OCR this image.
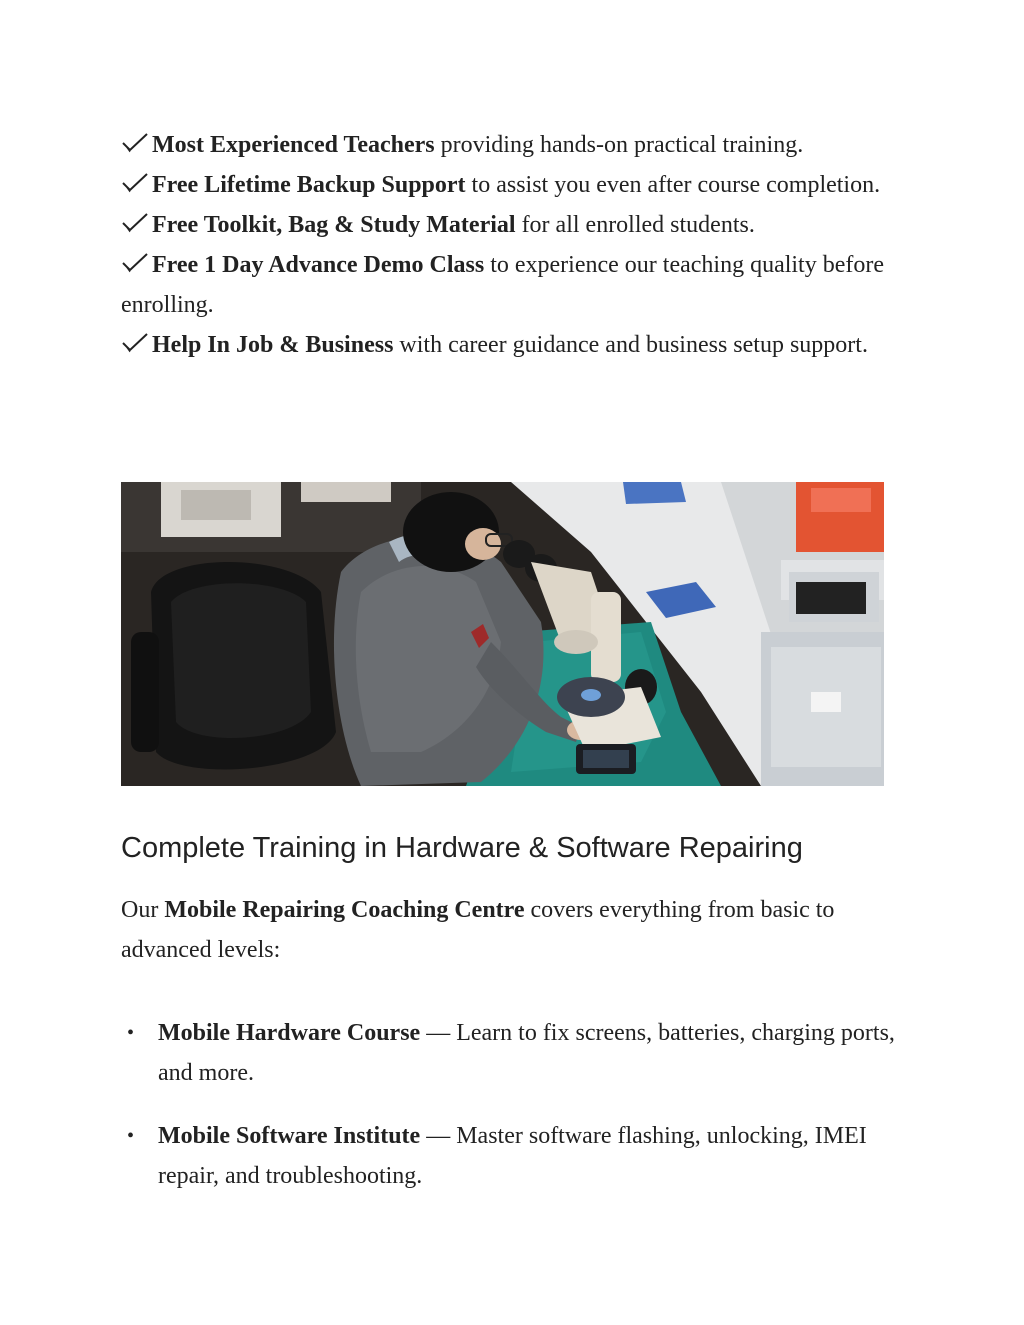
Most Experienced Teachers providing hands-on practical training.

Free Lifetime Backup Support to assist you even after course completion.

Free Toolkit, Bag & Study Material for all enrolled students.

Free 1 Day Advance Demo Class to experience our teaching quality before enrolling.

Help In Job & Business with career guidance and business setup support.

Complete Training in Hardware & Software Repairing

Our Mobile Repairing Coaching Centre covers everything from basic to advanced levels:

• Mobile Hardware Course — Learn to fix screens, batteries, charging ports, and more.
• Mobile Software Institute — Master software flashing, unlocking, IMEI repair, and troubleshooting.
